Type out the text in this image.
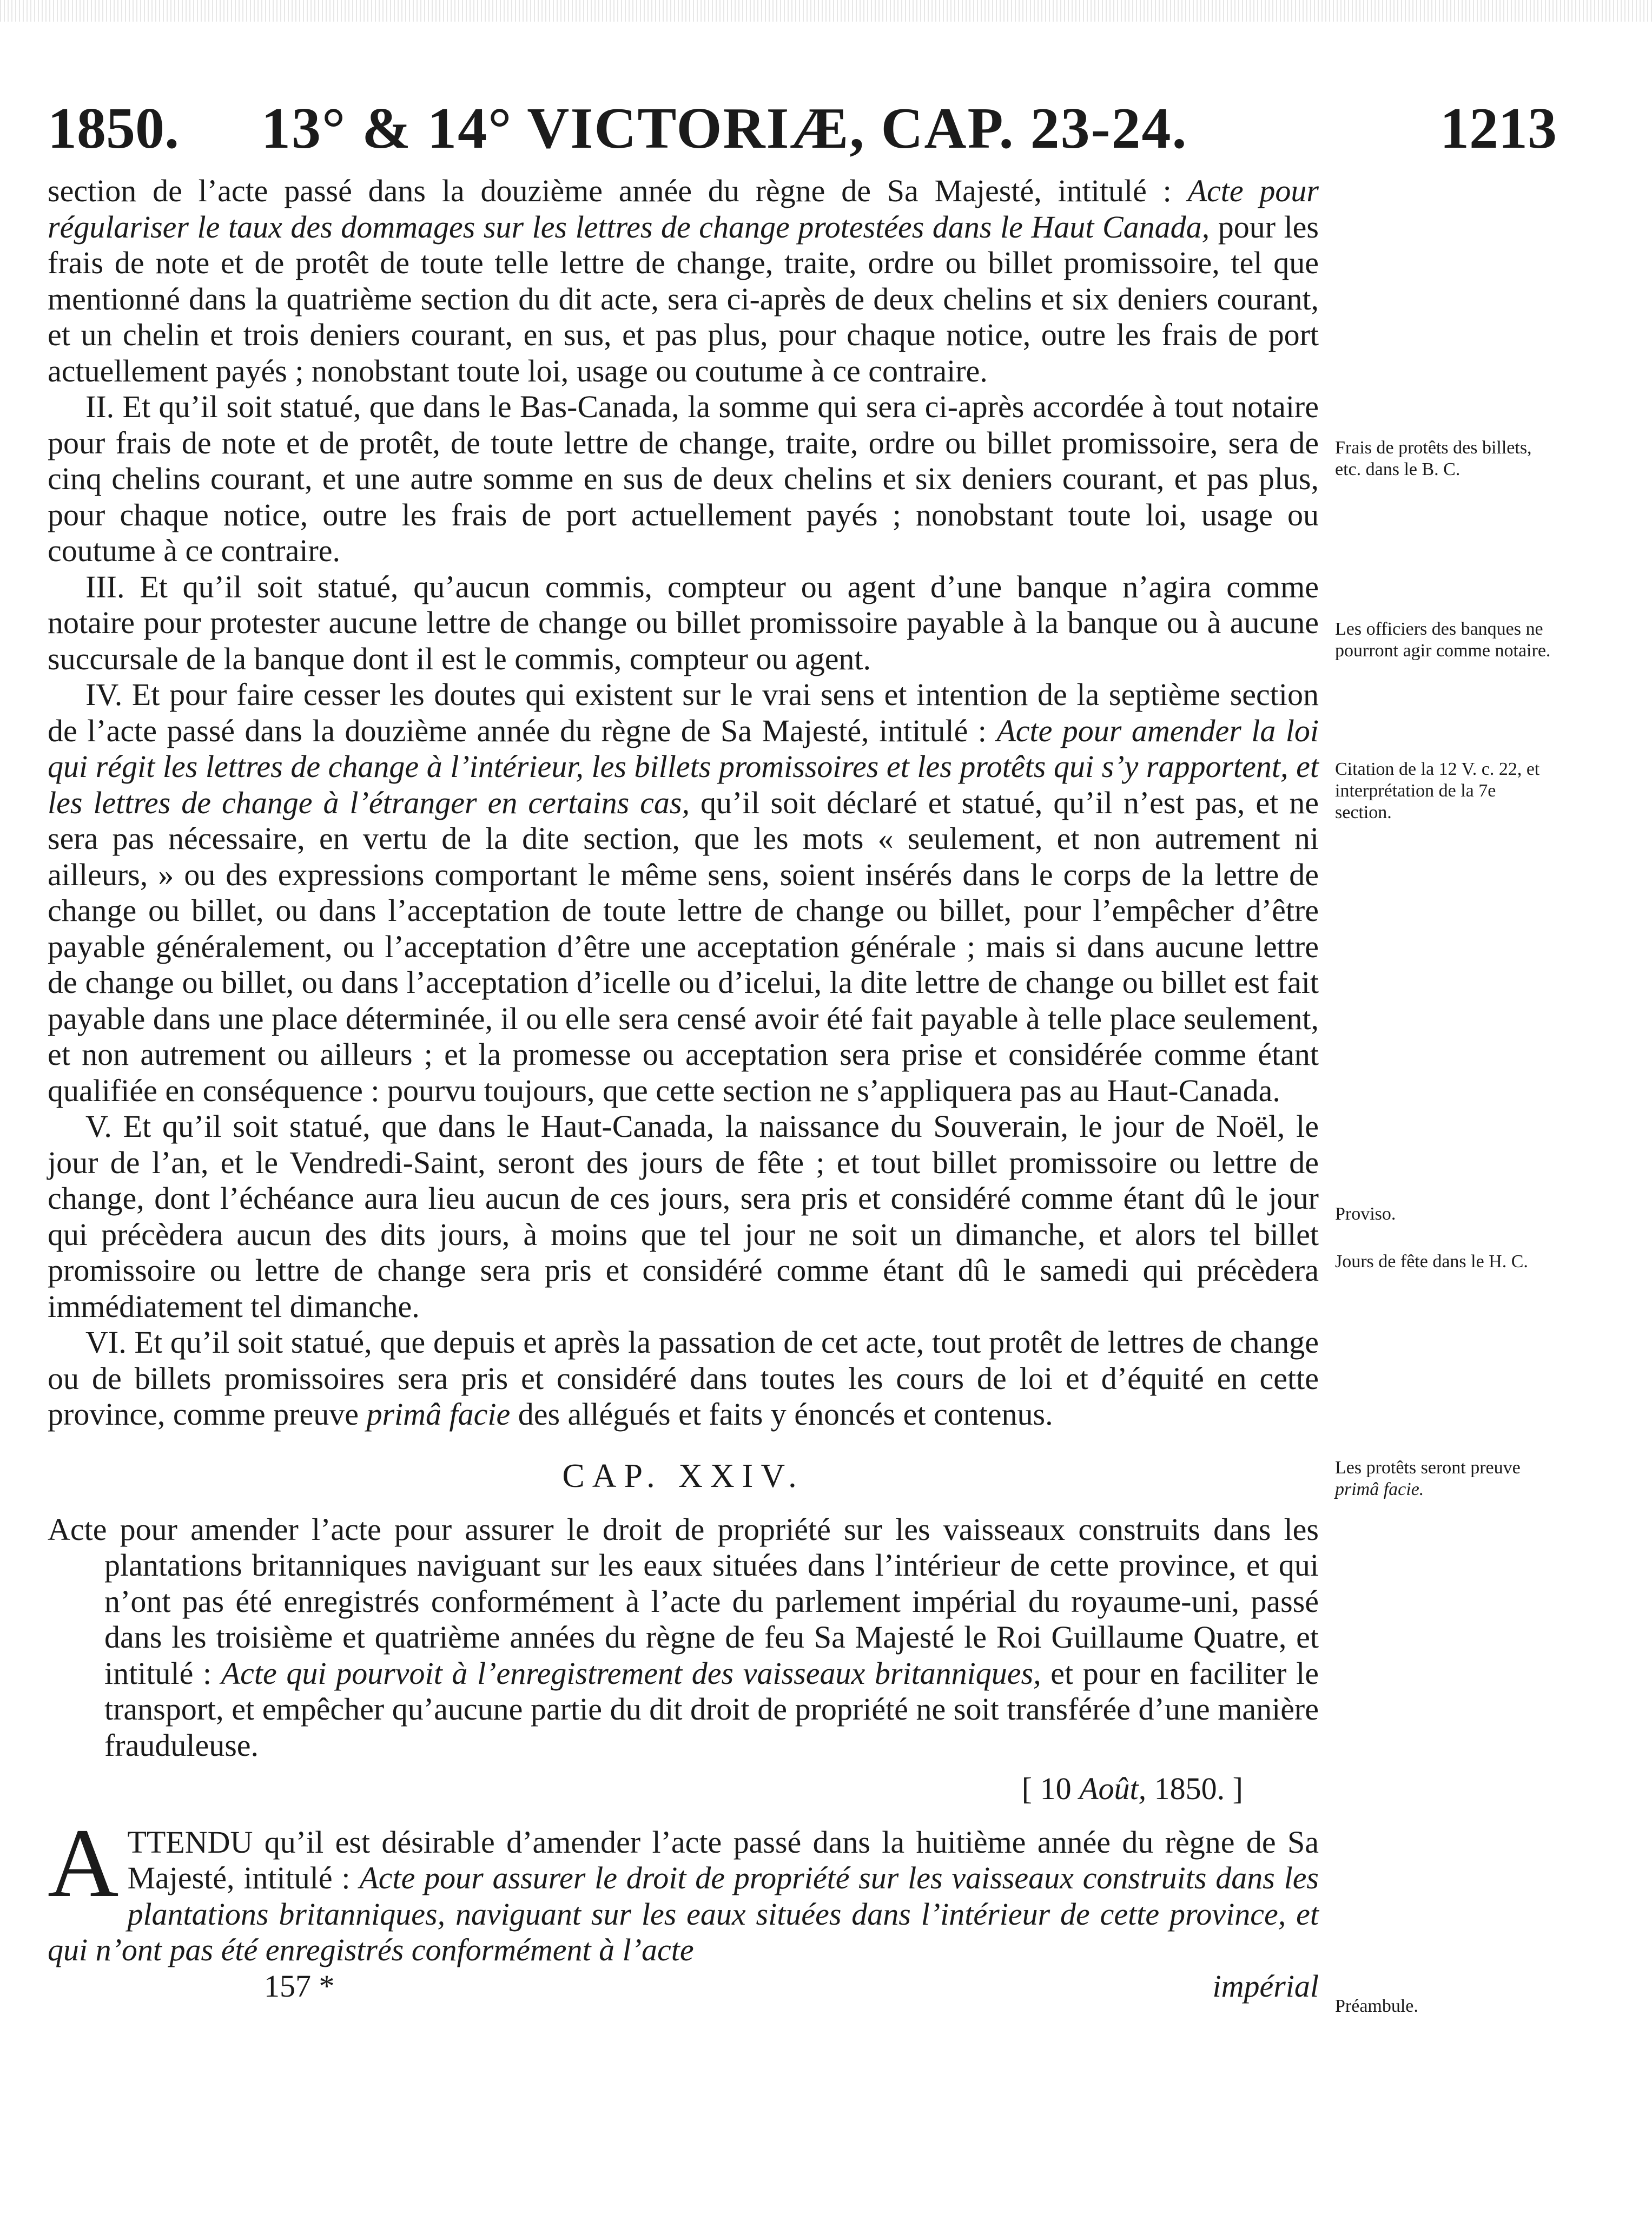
1850. 13° & 14° VICTORIÆ, CAP. 23-24.	1213

section de l’acte passé dans la douzième année du règne de Sa Majesté, intitulé : Acte pour régulariser le taux des dommages sur les lettres de change protestées dans le Haut Canada, pour les frais de note et de protêt de toute telle lettre de change, traite, ordre ou billet promissoire, tel que mentionné dans la quatrième section du dit acte, sera ci-après de deux chelins et six deniers courant, et un chelin et trois deniers courant, en sus, et pas plus, pour chaque notice, outre les frais de port actuellement payés ; nonobstant toute loi, usage ou coutume à ce contraire.

II. Et qu’il soit statué, que dans le Bas-Canada, la somme qui sera ci-après accordée à tout notaire pour frais de note et de protêt, de toute lettre de change, traite, ordre ou billet promissoire, sera de cinq chelins courant, et une autre somme en sus de deux chelins et six deniers courant, et pas plus, pour chaque notice, outre les frais de port actuellement payés ; nonobstant toute loi, usage ou coutume à ce contraire.

III. Et qu’il soit statué, qu’aucun commis, compteur ou agent d’une banque n’agira comme notaire pour protester aucune lettre de change ou billet promissoire payable à la banque ou à aucune succursale de la banque dont il est le commis, compteur ou agent.

IV. Et pour faire cesser les doutes qui existent sur le vrai sens et intention de la septième section de l’acte passé dans la douzième année du règne de Sa Majesté, intitulé : Acte pour amender la loi qui régit les lettres de change à l’intérieur, les billets promissoires et les protêts qui s’y rapportent, et les lettres de change à l’étranger en certains cas, qu’il soit déclaré et statué, qu’il n’est pas, et ne sera pas nécessaire, en vertu de la dite section, que les mots « seulement, et non autrement ni ailleurs, » ou des expressions comportant le même sens, soient insérés dans le corps de la lettre de change ou billet, ou dans l’acceptation de toute lettre de change ou billet, pour l’empêcher d’être payable généralement, ou l’acceptation d’être une acceptation générale ; mais si dans aucune lettre de change ou billet, ou dans l’acceptation d’icelle ou d’icelui, la dite lettre de change ou billet est fait payable dans une place déterminée, il ou elle sera censé avoir été fait payable à telle place seulement, et non autrement ou ailleurs ; et la promesse ou acceptation sera prise et considérée comme étant qualifiée en conséquence : pourvu toujours, que cette section ne s’appliquera pas au Haut-Canada.

V. Et qu’il soit statué, que dans le Haut-Canada, la naissance du Souverain, le jour de Noël, le jour de l’an, et le Vendredi-Saint, seront des jours de fête ; et tout billet promissoire ou lettre de change, dont l’échéance aura lieu aucun de ces jours, sera pris et considéré comme étant dû le jour qui précèdera aucun des dits jours, à moins que tel jour ne soit un dimanche, et alors tel billet promissoire ou lettre de change sera pris et considéré comme étant dû le samedi qui précèdera immédiatement tel dimanche.

VI. Et qu’il soit statué, que depuis et après la passation de cet acte, tout protêt de lettres de change ou de billets promissoires sera pris et considéré dans toutes les cours de loi et d’équité en cette province, comme preuve primâ facie des allégués et faits y énoncés et contenus.

CAP. XXIV.

Acte pour amender l’acte pour assurer le droit de propriété sur les vaisseaux construits dans les plantations britanniques naviguant sur les eaux situées dans l’intérieur de cette province, et qui n’ont pas été enregistrés conformément à l’acte du parlement impérial du royaume-uni, passé dans les troisième et quatrième années du règne de feu Sa Majesté le Roi Guillaume Quatre, et intitulé : Acte qui pourvoit à l’enregistrement des vaisseaux britanniques, et pour en faciliter le transport, et empêcher qu’aucune partie du dit droit de propriété ne soit transférée d’une manière frauduleuse.

[ 10 Août, 1850. ]

ATTENDU qu’il est désirable d’amender l’acte passé dans la huitième année du règne de Sa Majesté, intitulé : Acte pour assurer le droit de propriété sur les vaisseaux construits dans les plantations britanniques, naviguant sur les eaux situées dans l’intérieur de cette province, et qui n’ont pas été enregistrés conformément à l’acte

157 *	impérial
Frais de protêts des billets, etc. dans le B. C.
Les officiers des banques ne pourront agir comme notaire.
Citation de la 12 V. c. 22, et interprétation de la 7e section.
Proviso.
Jours de fête dans le H. C.
Les protêts seront preuve primâ facie.
Préambule.
